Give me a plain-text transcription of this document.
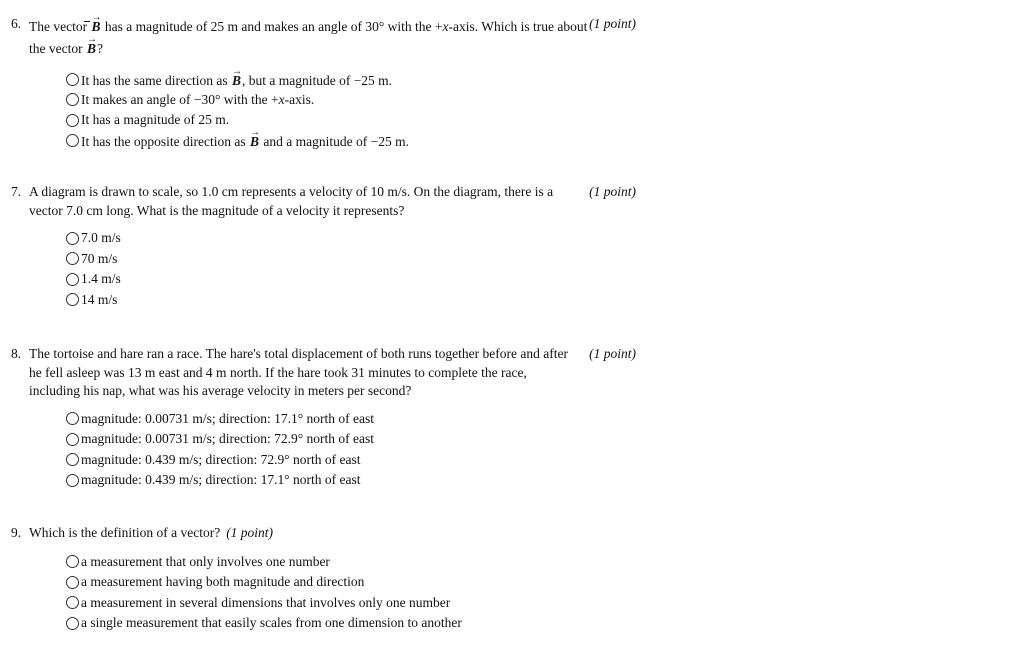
6. The vector → B has a magnitude of 25 m and makes an angle of 30° with the +x-axis. Which is true about the vector → B?
(1 point)
It has the same direction as → B, but a magnitude of −25 m.
It makes an angle of −30° with the +x-axis.
It has a magnitude of 25 m.
It has the opposite direction as → B and a magnitude of −25 m.
7. A diagram is drawn to scale, so 1.0 cm represents a velocity of 10 m/s. On the diagram, there is a vector 7.0 cm long. What is the magnitude of a velocity it represents?
(1 point)
7.0 m/s
70 m/s
1.4 m/s
14 m/s
8. The tortoise and hare ran a race. The hare's total displacement of both runs together before and after he fell asleep was 13 m east and 4 m north. If the hare took 31 minutes to complete the race, including his nap, what was his average velocity in meters per second?
(1 point)
magnitude: 0.00731 m/s; direction: 17.1° north of east
magnitude: 0.00731 m/s; direction: 72.9° north of east
magnitude: 0.439 m/s; direction: 72.9° north of east
magnitude: 0.439 m/s; direction: 17.1° north of east
9. Which is the definition of a vector? (1 point)
a measurement that only involves one number
a measurement having both magnitude and direction
a measurement in several dimensions that involves only one number
a single measurement that easily scales from one dimension to another
